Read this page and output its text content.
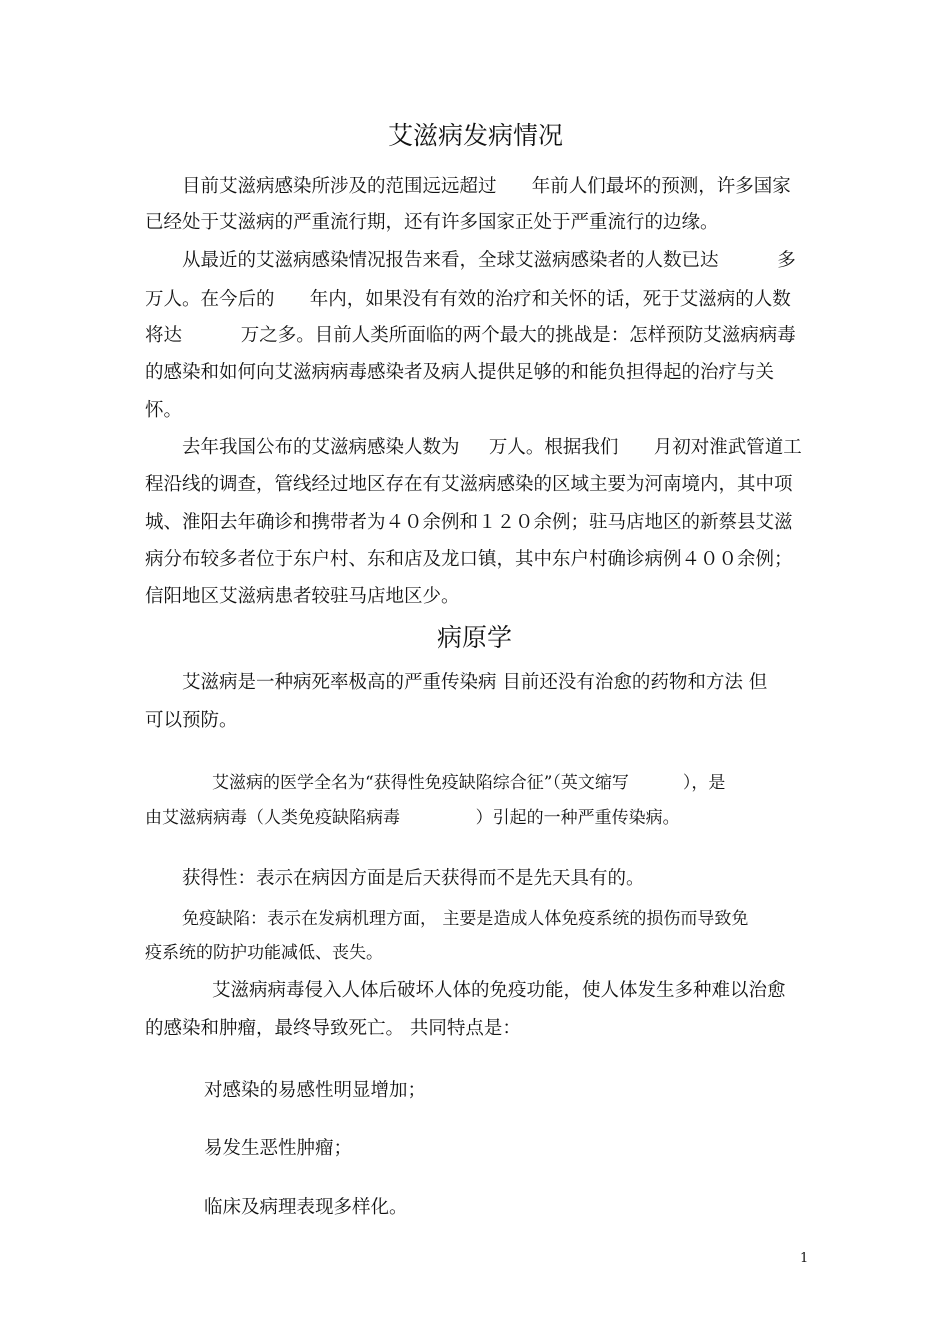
艾滋病发病情况
目前艾滋病感染所涉及的范围远远超过      年前人们最坏的预测，许多国家
已经处于艾滋病的严重流行期，还有许多国家正处于严重流行的边缘。
从最近的艾滋病感染情况报告来看，全球艾滋病感染者的人数已达          多
万人。在今后的      年内，如果没有有效的治疗和关怀的话，死于艾滋病的人数
将达          万之多。目前人类所面临的两个最大的挑战是：怎样预防艾滋病病毒
的感染和如何向艾滋病病毒感染者及病人提供足够的和能负担得起的治疗与关
怀。
去年我国公布的艾滋病感染人数为     万人。根据我们      月初对淮武管道工
程沿线的调查，管线经过地区存在有艾滋病感染的区域主要为河南境内，其中项
城、淮阳去年确诊和携带者为４０余例和１２０余例；驻马店地区的新蔡县艾滋
病分布较多者位于东户村、东和店及龙口镇，其中东户村确诊病例４００余例；
信阳地区艾滋病患者较驻马店地区少。
病原学
艾滋病是一种病死率极高的严重传染病 目前还没有治愈的药物和方法 但
可以预防。
艾滋病的医学全名为“获得性免疫缺陷综合征”（英文缩写          ），是
由艾滋病病毒（人类免疫缺陷病毒              ）引起的一种严重传染病。
获得性：表示在病因方面是后天获得而不是先天具有的。
免疫缺陷：表示在发病机理方面， 主要是造成人体免疫系统的损伤而导致免
疫系统的防护功能减低、丧失。
艾滋病病毒侵入人体后破坏人体的免疫功能，使人体发生多种难以治愈
的感染和肿瘤，最终导致死亡。 共同特点是：
对感染的易感性明显增加；
易发生恶性肿瘤；
临床及病理表现多样化。
1
